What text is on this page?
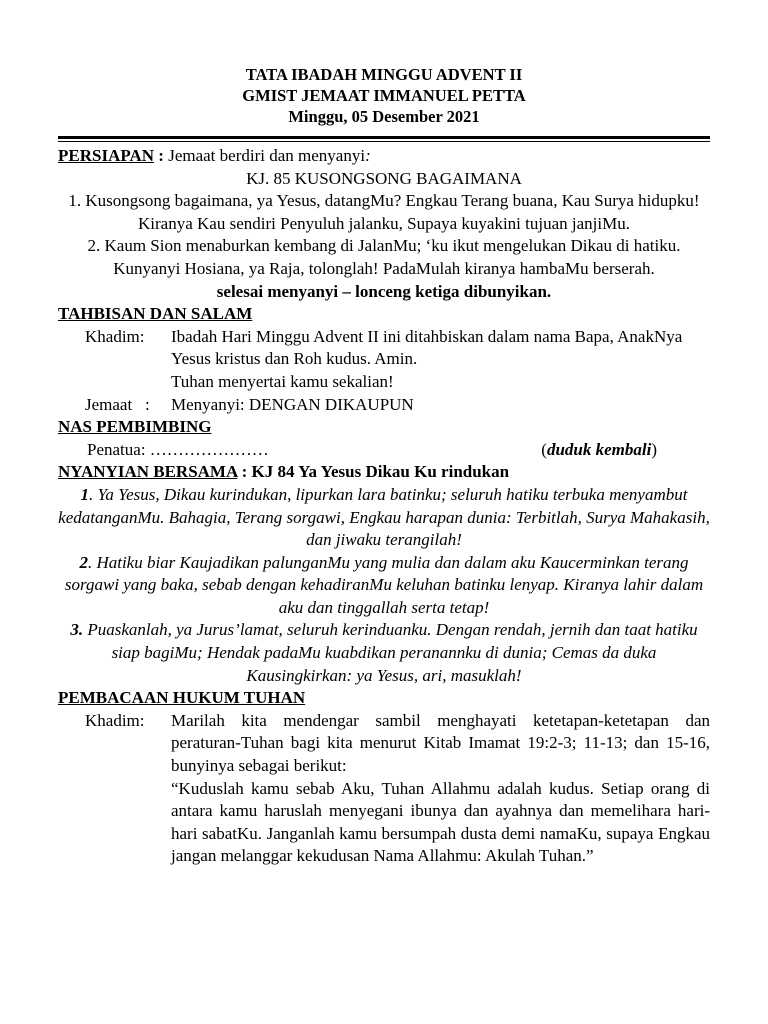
TATA IBADAH MINGGU ADVENT II
GMIST JEMAAT IMMANUEL PETTA
Minggu, 05 Desember 2021
PERSIAPAN : Jemaat berdiri dan menyanyi:
KJ. 85 KUSONGSONG BAGAIMANA
1. Kusongsong bagaimana, ya Yesus, datangMu? Engkau Terang buana, Kau Surya hidupku! Kiranya Kau sendiri Penyuluh jalanku, Supaya kuyakini tujuan janjiMu.
2. Kaum Sion menaburkan kembang di JalanMu; ‘ku ikut mengelukan Dikau di hatiku. Kunyanyi Hosiana, ya Raja, tolonglah! PadaMulah kiranya hambaMu berserah.
selesai menyanyi – lonceng ketiga dibunyikan.
TAHBISAN DAN SALAM
Khadim:	Ibadah Hari Minggu Advent II ini ditahbiskan dalam nama Bapa, AnakNya Yesus kristus dan Roh kudus. Amin.
Tuhan menyertai kamu sekalian!
Jemaat   :	Menyanyi: DENGAN DIKAUPUN
NAS PEMBIMBING
Penatua: …………………	(duduk kembali)
NYANYIAN BERSAMA : KJ 84 Ya Yesus Dikau Ku rindukan
1. Ya Yesus, Dikau kurindukan, lipurkan lara batinku; seluruh hatiku terbuka menyambut kedatanganMu. Bahagia, Terang sorgawi, Engkau harapan dunia: Terbitlah, Surya Mahakasih, dan jiwaku terangilah!
2. Hatiku biar Kaujadikan palunganMu yang mulia dan dalam aku Kaucerminkan terang sorgawi yang baka, sebab dengan kehadiranMu keluhan batinku lenyap. Kiranya lahir dalam aku dan tinggallah serta tetap!
3. Puaskanlah, ya Jurus’lamat, seluruh kerinduanku. Dengan rendah, jernih dan taat hatiku siap bagiMu; Hendak padaMu kuabdikan peranannku di dunia; Cemas da duka Kausingkirkan: ya Yesus, ari, masuklah!
PEMBACAAN HUKUM TUHAN
Khadim:	Marilah kita mendengar sambil menghayati ketetapan-ketetapan dan peraturan-Tuhan bagi kita menurut Kitab Imamat 19:2-3; 11-13; dan 15-16, bunyinya sebagai berikut:
“Kuduslah kamu sebab Aku, Tuhan Allahmu adalah kudus. Setiap orang di antara kamu haruslah menyegani ibunya dan ayahnya dan memelihara hari-hari sabatKu. Janganlah kamu bersumpah dusta demi namaKu, supaya Engkau jangan melanggar kekudusan Nama Allahmu: Akulah Tuhan.”
